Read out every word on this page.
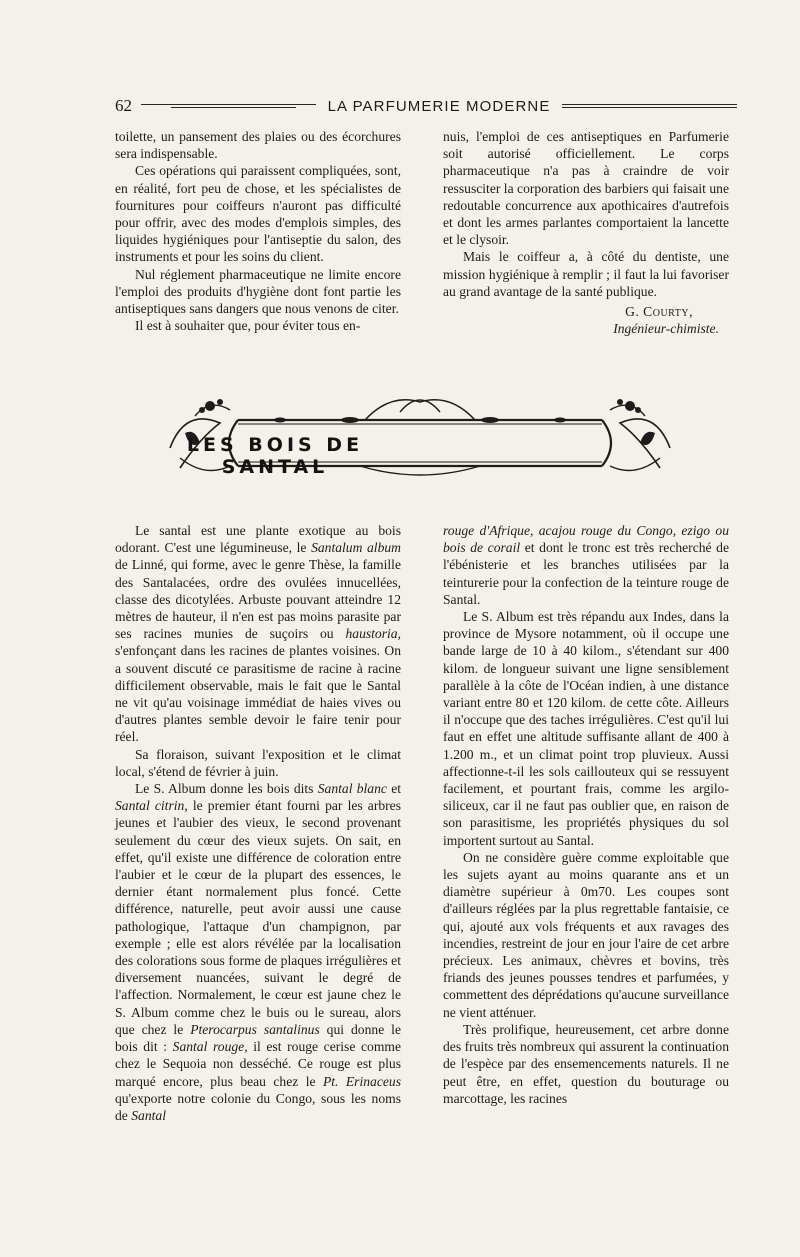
62	LA PARFUMERIE MODERNE

toilette, un pansement des plaies ou des écorchures sera indispensable.

Ces opérations qui paraissent compliquées, sont, en réalité, fort peu de chose, et les spécialistes de fournitures pour coiffeurs n'auront pas difficulté pour offrir, avec des modes d'emplois simples, des liquides hygiéniques pour l'antiseptie du salon, des instruments et pour les soins du client.

Nul réglement pharmaceutique ne limite encore l'emploi des produits d'hygiène dont font partie les antiseptiques sans dangers que nous venons de citer.

Il est à souhaiter que, pour éviter tous en-

nuis, l'emploi de ces antiseptiques en Parfumerie soit autorisé officiellement. Le corps pharmaceutique n'a pas à craindre de voir ressusciter la corporation des barbiers qui faisait une redoutable concurrence aux apothicaires d'autrefois et dont les armes parlantes comportaient la lancette et le clysoir.

Mais le coiffeur a, à côté du dentiste, une mission hygiénique à remplir ; il faut la lui favoriser au grand avantage de la santé publique.

G. Courty,
Ingénieur-chimiste.
LES BOIS DE SANTAL

Le santal est une plante exotique au bois odorant. C'est une légumineuse, le Santalum album de Linné, qui forme, avec le genre Thèse, la famille des Santalacées, ordre des ovulées innucellées, classe des dicotylées. Arbuste pouvant atteindre 12 mètres de hauteur, il n'en est pas moins parasite par ses racines munies de suçoirs ou haustoria, s'enfonçant dans les racines de plantes voisines. On a souvent discuté ce parasitisme de racine à racine difficilement observable, mais le fait que le Santal ne vit qu'au voisinage immédiat de haies vives ou d'autres plantes semble devoir le faire tenir pour réel.

Sa floraison, suivant l'exposition et le climat local, s'étend de février à juin.

Le S. Album donne les bois dits Santal blanc et Santal citrin, le premier étant fourni par les arbres jeunes et l'aubier des vieux, le second provenant seulement du cœur des vieux sujets. On sait, en effet, qu'il existe une différence de coloration entre l'aubier et le cœur de la plupart des essences, le dernier étant normalement plus foncé. Cette différence, naturelle, peut avoir aussi une cause pathologique, l'attaque d'un champignon, par exemple ; elle est alors révélée par la localisation des colorations sous forme de plaques irrégulières et diversement nuancées, suivant le degré de l'affection. Normalement, le cœur est jaune chez le S. Album comme chez le buis ou le sureau, alors que chez le Pterocarpus santalinus qui donne le bois dit : Santal rouge, il est rouge cerise comme chez le Sequoia non desséché. Ce rouge est plus marqué encore, plus beau chez le Pt. Erinaceus qu'exporte notre colonie du Congo, sous les noms de Santal

rouge d'Afrique, acajou rouge du Congo, ezigo ou bois de corail et dont le tronc est très recherché de l'ébénisterie et les branches utilisées par la teinturerie pour la confection de la teinture rouge de Santal.

Le S. Album est très répandu aux Indes, dans la province de Mysore notamment, où il occupe une bande large de 10 à 40 kilom., s'étendant sur 400 kilom. de longueur suivant une ligne sensiblement parallèle à la côte de l'Océan indien, à une distance variant entre 80 et 120 kilom. de cette côte. Ailleurs il n'occupe que des taches irrégulières. C'est qu'il lui faut en effet une altitude suffisante allant de 400 à 1.200 m., et un climat point trop pluvieux. Aussi affectionne-t-il les sols caillouteux qui se ressuyent facilement, et pourtant frais, comme les argilo-siliceux, car il ne faut pas oublier que, en raison de son parasitisme, les propriétés physiques du sol importent surtout au Santal.

On ne considère guère comme exploitable que les sujets ayant au moins quarante ans et un diamètre supérieur à 0m70. Les coupes sont d'ailleurs réglées par la plus regrettable fantaisie, ce qui, ajouté aux vols fréquents et aux ravages des incendies, restreint de jour en jour l'aire de cet arbre précieux. Les animaux, chèvres et bovins, très friands des jeunes pousses tendres et parfumées, y commettent des déprédations qu'aucune surveillance ne vient atténuer.

Très prolifique, heureusement, cet arbre donne des fruits très nombreux qui assurent la continuation de l'espèce par des ensemencements naturels. Il ne peut être, en effet, question du bouturage ou marcottage, les racines
